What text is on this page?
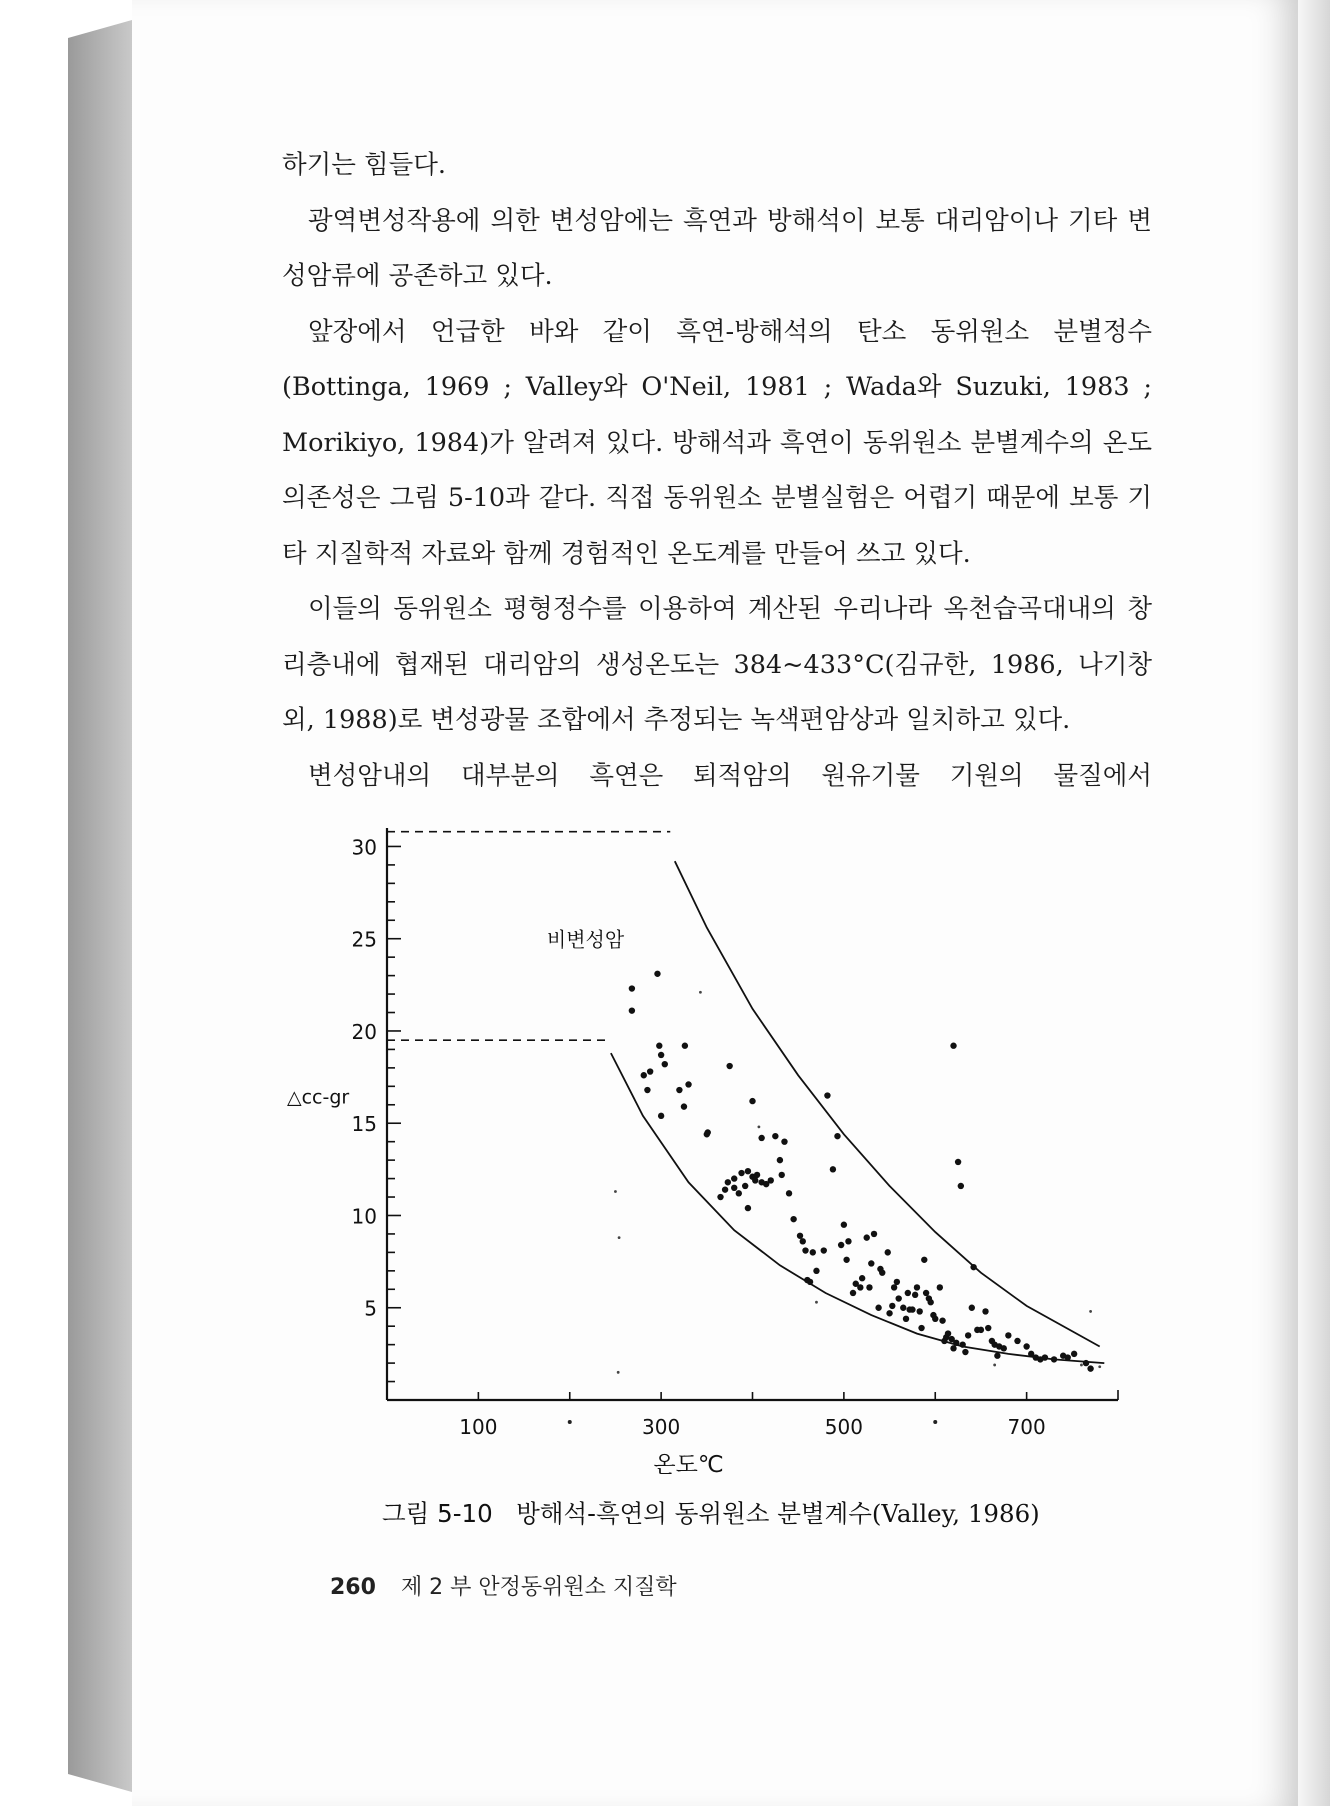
하기는 힘들다.

광역변성작용에 의한 변성암에는 흑연과 방해석이 보통 대리암이나 기타 변성암류에 공존하고 있다.

앞장에서 언급한 바와 같이 흑연-방해석의 탄소 동위원소 분별정수 (Bottinga, 1969 ; Valley와 O'Neil, 1981 ; Wada와 Suzuki, 1983 ; Morikiyo, 1984)가 알려져 있다. 방해석과 흑연이 동위원소 분별계수의 온도 의존성은 그림 5-10과 같다. 직접 동위원소 분별실험은 어렵기 때문에 보통 기타 지질학적 자료와 함께 경험적인 온도계를 만들어 쓰고 있다.

이들의 동위원소 평형정수를 이용하여 계산된 우리나라 옥천습곡대내의 창리층내에 협재된 대리암의 생성온도는 384~433°C(김규한, 1986, 나기창 외, 1988)로 변성광물 조합에서 추정되는 녹색편암상과 일치하고 있다.

변성암내의 대부분의 흑연은 퇴적암의 원유기물 기원의 물질에서

5
10
15
20
25
30
100	300	500	700
△cc-gr
온도℃
비변성암
그림 5-10 방해석-흑연의 동위원소 분별계수(Valley, 1986)
260 제 2 부 안정동위원소 지질학
